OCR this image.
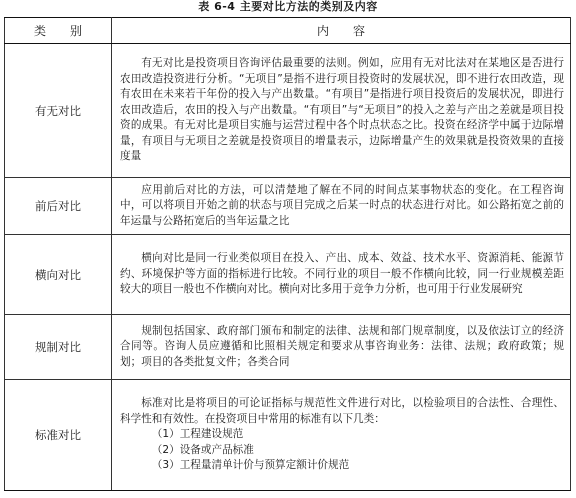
表 6-4 主要对比方法的类别及内容
类　　别	内　　容
有无对比	有无对比是投资项目咨询评估最重要的法则。例如，应用有无对比法对在某地区是否进行农田改造投资进行分析。“无项目”是指不进行项目投资时的发展状况，即不进行农田改造，现有农田在未来若干年份的投入与产出数量。“有项目”是指进行项目投资后的发展状况，即进行农田改造后，农田的投入与产出数量。“有项目”与“无项目”的投入之差与产出之差就是项目投资的成果。有无对比是项目实施与运营过程中各个时点状态之比。投资在经济学中属于边际增量，有项目与无项目之差就是投资项目的增量表示，边际增量产生的效果就是投资效果的直接度量

前后对比	应用前后对比的方法，可以清楚地了解在不同的时间点某事物状态的变化。在工程咨询中，可以将项目开始之前的状态与项目完成之后某一时点的状态进行对比。如公路拓宽之前的年运量与公路拓宽后的当年运量之比

横向对比	横向对比是同一行业类似项目在投入、产出、成本、效益、技术水平、资源消耗、能源节约、环境保护等方面的指标进行比较。不同行业的项目一般不作横向比较，同一行业规模差距较大的项目一般也不作横向对比。横向对比多用于竞争力分析，也可用于行业发展研究

规制对比	规制包括国家、政府部门颁布和制定的法律、法规和部门规章制度，以及依法订立的经济合同等。咨询人员应遵循和比照相关规定和要求从事咨询业务：法律、法规；政府政策；规划；项目的各类批复文件；各类合同

标准对比	标准对比是将项目的可论证指标与规范性文件进行对比，以检验项目的合法性、合理性、科学性和有效性。在投资项目中常用的标准有以下几类：

（1）工程建设规范

（2）设备或产品标准

（3）工程量清单计价与预算定额计价规范
